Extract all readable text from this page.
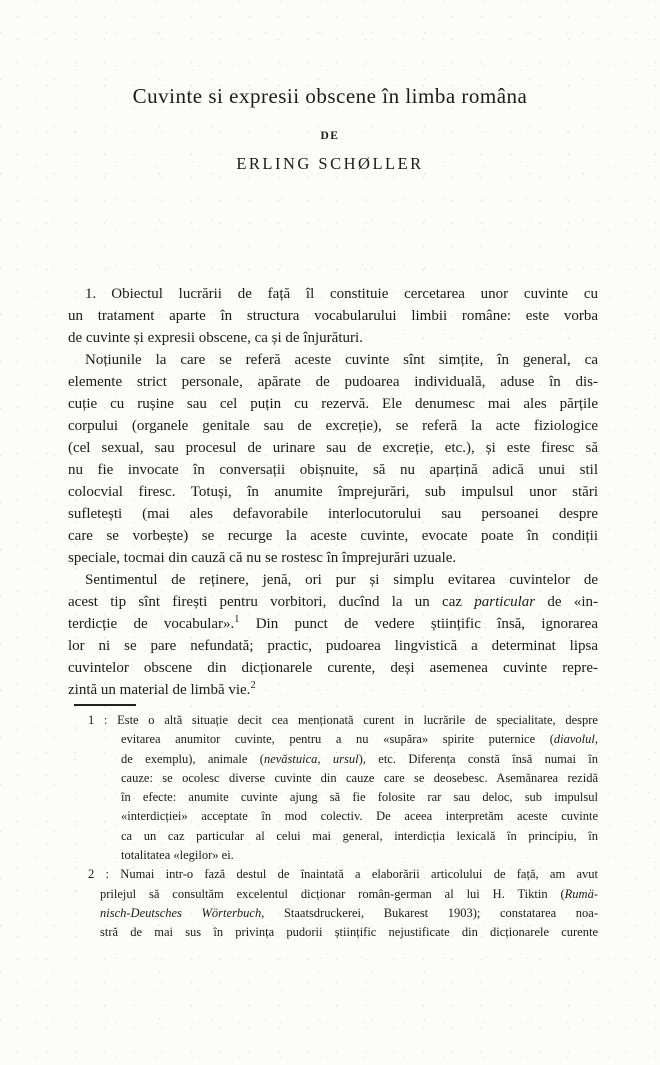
Cuvinte si expresii obscene în limba româna
DE
ERLING SCHØLLER
1. Obiectul lucrării de față îl constituie cercetarea unor cuvinte cu
un tratament aparte în structura vocabularului limbii române: este vorba
de cuvinte și expresii obscene, ca și de înjurături.
Noțiunile la care se referă aceste cuvinte sînt simțite, în general, ca
elemente strict personale, apărate de pudoarea individuală, aduse în dis-
cuție cu rușine sau cel puțin cu rezervă. Ele denumesc mai ales părțile
corpului (organele genitale sau de excreție), se referă la acte fiziologice
(cel sexual, sau procesul de urinare sau de excreție, etc.), și este firesc să
nu fie invocate în conversații obișnuite, să nu aparțină adică unui stil
colocvial firesc. Totuși, în anumite împrejurări, sub impulsul unor stări
sufletești (mai ales defavorabile interlocutorului sau persoanei despre
care se vorbește) se recurge la aceste cuvinte, evocate poate în condiții
speciale, tocmai din cauză că nu se rostesc în împrejurări uzuale.
Sentimentul de reținere, jenă, ori pur și simplu evitarea cuvintelor de
acest tip sînt firești pentru vorbitori, ducînd la un caz particular de «in-
terdicție de vocabular».$^1$ Din punct de vedere științific însă, ignorarea
lor ni se pare nefundată; practic, pudoarea lingvistică a determinat lipsa
cuvintelor obscene din dicționarele curente, deși asemenea cuvinte repre-
zintă un material de limbă vie.$^2$
1 : Este o altă situație decit cea menționată curent in lucrările de specialitate, despre
evitarea anumitor cuvinte, pentru a nu «supăra» spirite puternice (diavolul,
de exemplu), animale (nevăstuica, ursul), etc. Diferența constă însă numai în
cauze: se ocolesc diverse cuvinte din cauze care se deosebesc. Asemănarea rezidă
în efecte: anumite cuvinte ajung să fie folosite rar sau deloc, sub impulsul
«interdicției» acceptate în mod colectiv. De aceea interpretăm aceste cuvinte
ca un caz particular al celui mai general, interdicția lexicală în principiu, în
totalitatea «legilor» ei.
2 : Numai intr-o fază destul de înaintată a elaborării articolului de față, am avut
prilejul să consultăm excelentul dicționar român-german al lui H. Tiktin (Rumä-
nisch-Deutsches Wörterbuch, Staatsdruckerei, Bukarest 1903); constatarea noa-
stră de mai sus în privința pudorii științific nejustificate din dicționarele curente
